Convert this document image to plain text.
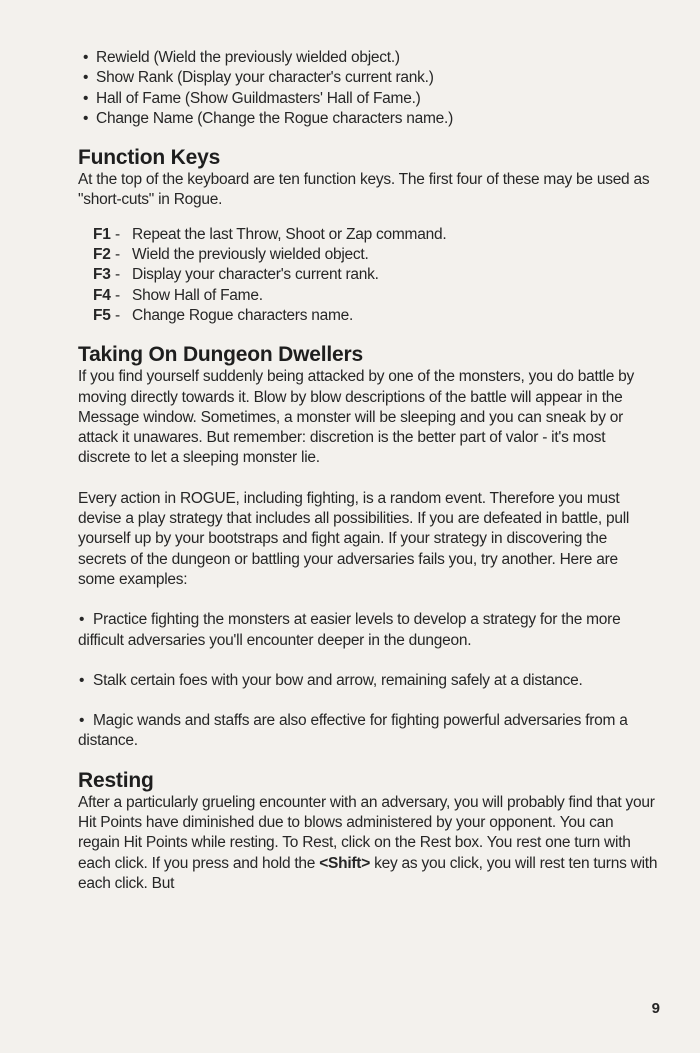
• Rewield (Wield the previously wielded object.)
• Show Rank (Display your character's current rank.)
• Hall of Fame (Show Guildmasters' Hall of Fame.)
• Change Name (Change the Rogue characters name.)
Function Keys

At the top of the keyboard are ten function keys. The first four of these may be used as "short-cuts" in Rogue.

F1 - Repeat the last Throw, Shoot or Zap command.
F2 - Wield the previously wielded object.
F3 - Display your character's current rank.
F4 - Show Hall of Fame.
F5 - Change Rogue characters name.
Taking On Dungeon Dwellers

If you find yourself suddenly being attacked by one of the monsters, you do battle by moving directly towards it. Blow by blow descriptions of the battle will appear in the Message window. Sometimes, a monster will be sleeping and you can sneak by or attack it unawares. But remember: discretion is the better part of valor - it's most discrete to let a sleeping monster lie.

Every action in ROGUE, including fighting, is a random event. Therefore you must devise a play strategy that includes all possibilities. If you are defeated in battle, pull yourself up by your bootstraps and fight again. If your strategy in discovering the secrets of the dungeon or battling your adversaries fails you, try another. Here are some examples:

• Practice fighting the monsters at easier levels to develop a strategy for the more difficult adversaries you'll encounter deeper in the dungeon.

• Stalk certain foes with your bow and arrow, remaining safely at a distance.

• Magic wands and staffs are also effective for fighting powerful adversaries from a distance.

Resting

After a particularly grueling encounter with an adversary, you will probably find that your Hit Points have diminished due to blows administered by your opponent. You can regain Hit Points while resting. To Rest, click on the Rest box. You rest one turn with each click. If you press and hold the <Shift> key as you click, you will rest ten turns with each click. But

9
